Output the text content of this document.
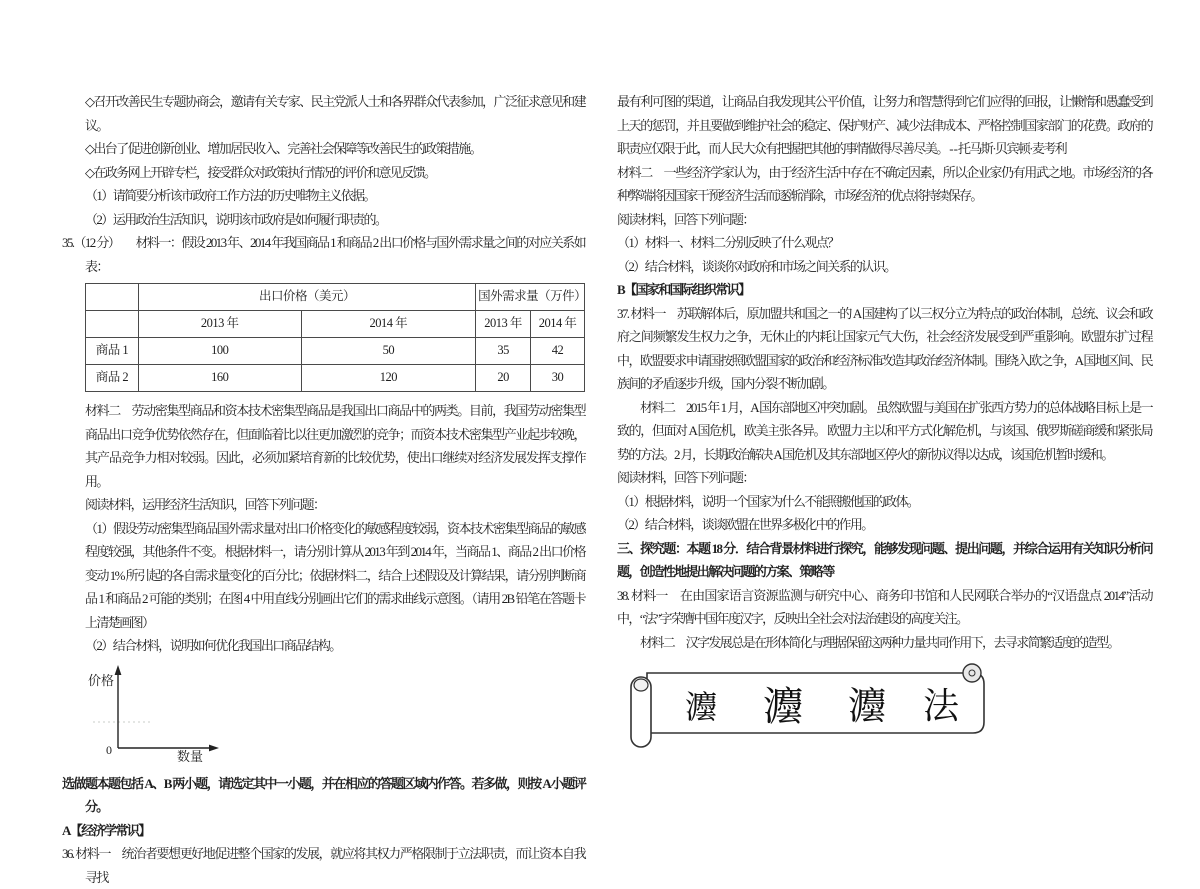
◇召开改善民生专题协商会，邀请有关专家、民主党派人士和各界群众代表参加，广泛征求意见和建议。

◇出台了促进创新创业、增加居民收入、完善社会保障等改善民生的政策措施。

◇在政务网上开辟专栏，接受群众对政策执行情况的评价和意见反馈。

（1）请简要分析该市政府工作方法的历史唯物主义依据。

（2）运用政治生活知识，说明该市政府是如何履行职责的。

35.（12 分）　　材料一：假设 2013 年、2014 年我国商品 1 和商品 2 出口价格与国外需求量之间的对应关系如表：

	出口价格（美元）		国外需求量（万件）	
	2013 年	2014 年	2013 年	2014 年
商品 1	100	50	35	42
商品 2	160	120	20	30

材料二　劳动密集型商品和资本技术密集型商品是我国出口商品中的两类。目前，我国劳动密集型商品出口竞争优势依然存在，但面临着比以往更加激烈的竞争；而资本技术密集型产业起步较晚，其产品竞争力相对较弱。因此，必须加紧培育新的比较优势，使出口继续对经济发展发挥支撑作用。

阅读材料，运用经济生活知识，回答下列问题：

（1）假设劳动密集型商品国外需求量对出口价格变化的敏感程度较弱，资本技术密集型商品的敏感程度较强，其他条件不变。 根据材料一，请分别计算从 2013 年到 2014 年，当商品 1、商品 2 出口价格变动 1% 所引起的各自需求量变化的百分比；依据材料二，结合上述假设及计算结果，请分别判断商品 1 和商品 2 可能的类别；在图 4 中用直线分别画出它们的需求曲线示意图。（请用 2B 铅笔在答题卡上清楚画图）

（2）结合材料，说明如何优化我国出口商品结构。

价格
0	数量

选做题本题包括 A、B 两小题，请选定其中一小题，并在相应的答题区域内作答。若多做，则按 A 小题评分。

A【经济学常识】

36. 材料一　统治者要想更好地促进整个国家的发展，就应将其权力严格限制于立法职责，而让资本自我寻找

最有利可图的渠道，让商品自我发现其公平价值，让努力和智慧得到它们应得的回报，让懒惰和愚蠢受到上天的惩罚，并且要做到维护社会的稳定、保护财产、减少法律成本、严格控制国家部门的花费。政府的职责应仅限于此，而人民大众有把握把其他的事情做得尽善尽美。 - - 托马斯·贝宾顿·麦考利

材料二　一些经济学家认为，由于经济生活中存在不确定因素，所以企业家仍有用武之地。市场经济的各种弊端将因国家干预经济生活而逐渐消除，市场经济的优点将持续保存。

阅读材料，回答下列问题：

（1）材料一、材料二分别反映了什么观点？

（2）结合材料，谈谈你对政府和市场之间关系的认识。

B【国家和国际组织常识】

37. 材料一　苏联解体后，原加盟共和国之一的 A 国建构了以三权分立为特点的政治体制，总统、议会和政府之间频繁发生权力之争，无休止的内耗让国家元气大伤，社会经济发展受到严重影响。欧盟东扩过程中，欧盟要求申请国按照欧盟国家的政治和经济标准改造其政治经济体制。围绕入欧之争，A 国地区间、民族间的矛盾逐步升级，国内分裂不断加剧。

材料二　2015 年 1 月，A 国东部地区冲突加剧。 虽然欧盟与美国在扩张西方势力的总体战略目标上是一致的，但面对 A 国危机，欧美主张各异。 欧盟力主以和平方式化解危机，与该国、俄罗斯磋商缓和紧张局势的方法。2 月，长期政治解决 A 国危机及其东部地区停火的新协议得以达成，该国危机暂时缓和。

阅读材料，回答下列问题：

（1）根据材料，说明一个国家为什么不能照搬他国的政体。

（2）结合材料，谈谈欧盟在世界多极化中的作用。

三、探究题：本题 18 分．结合背景材料进行探究，能够发现问题、提出问题，并综合运用有关知识分析问题，创造性地提出解决问题的方案、策略等

38. 材料一　在由国家语言资源监测与研究中心、商务印书馆和人民网联合举办的“汉语盘点 2014”活动中，“法”字荣膺中国年度汉字，反映出全社会对法治建设的高度关注。

材料二　汉字发展总是在形体简化与理据保留这两种力量共同作用下，去寻求简繁适度的造型。

灋 灋 灋 法
